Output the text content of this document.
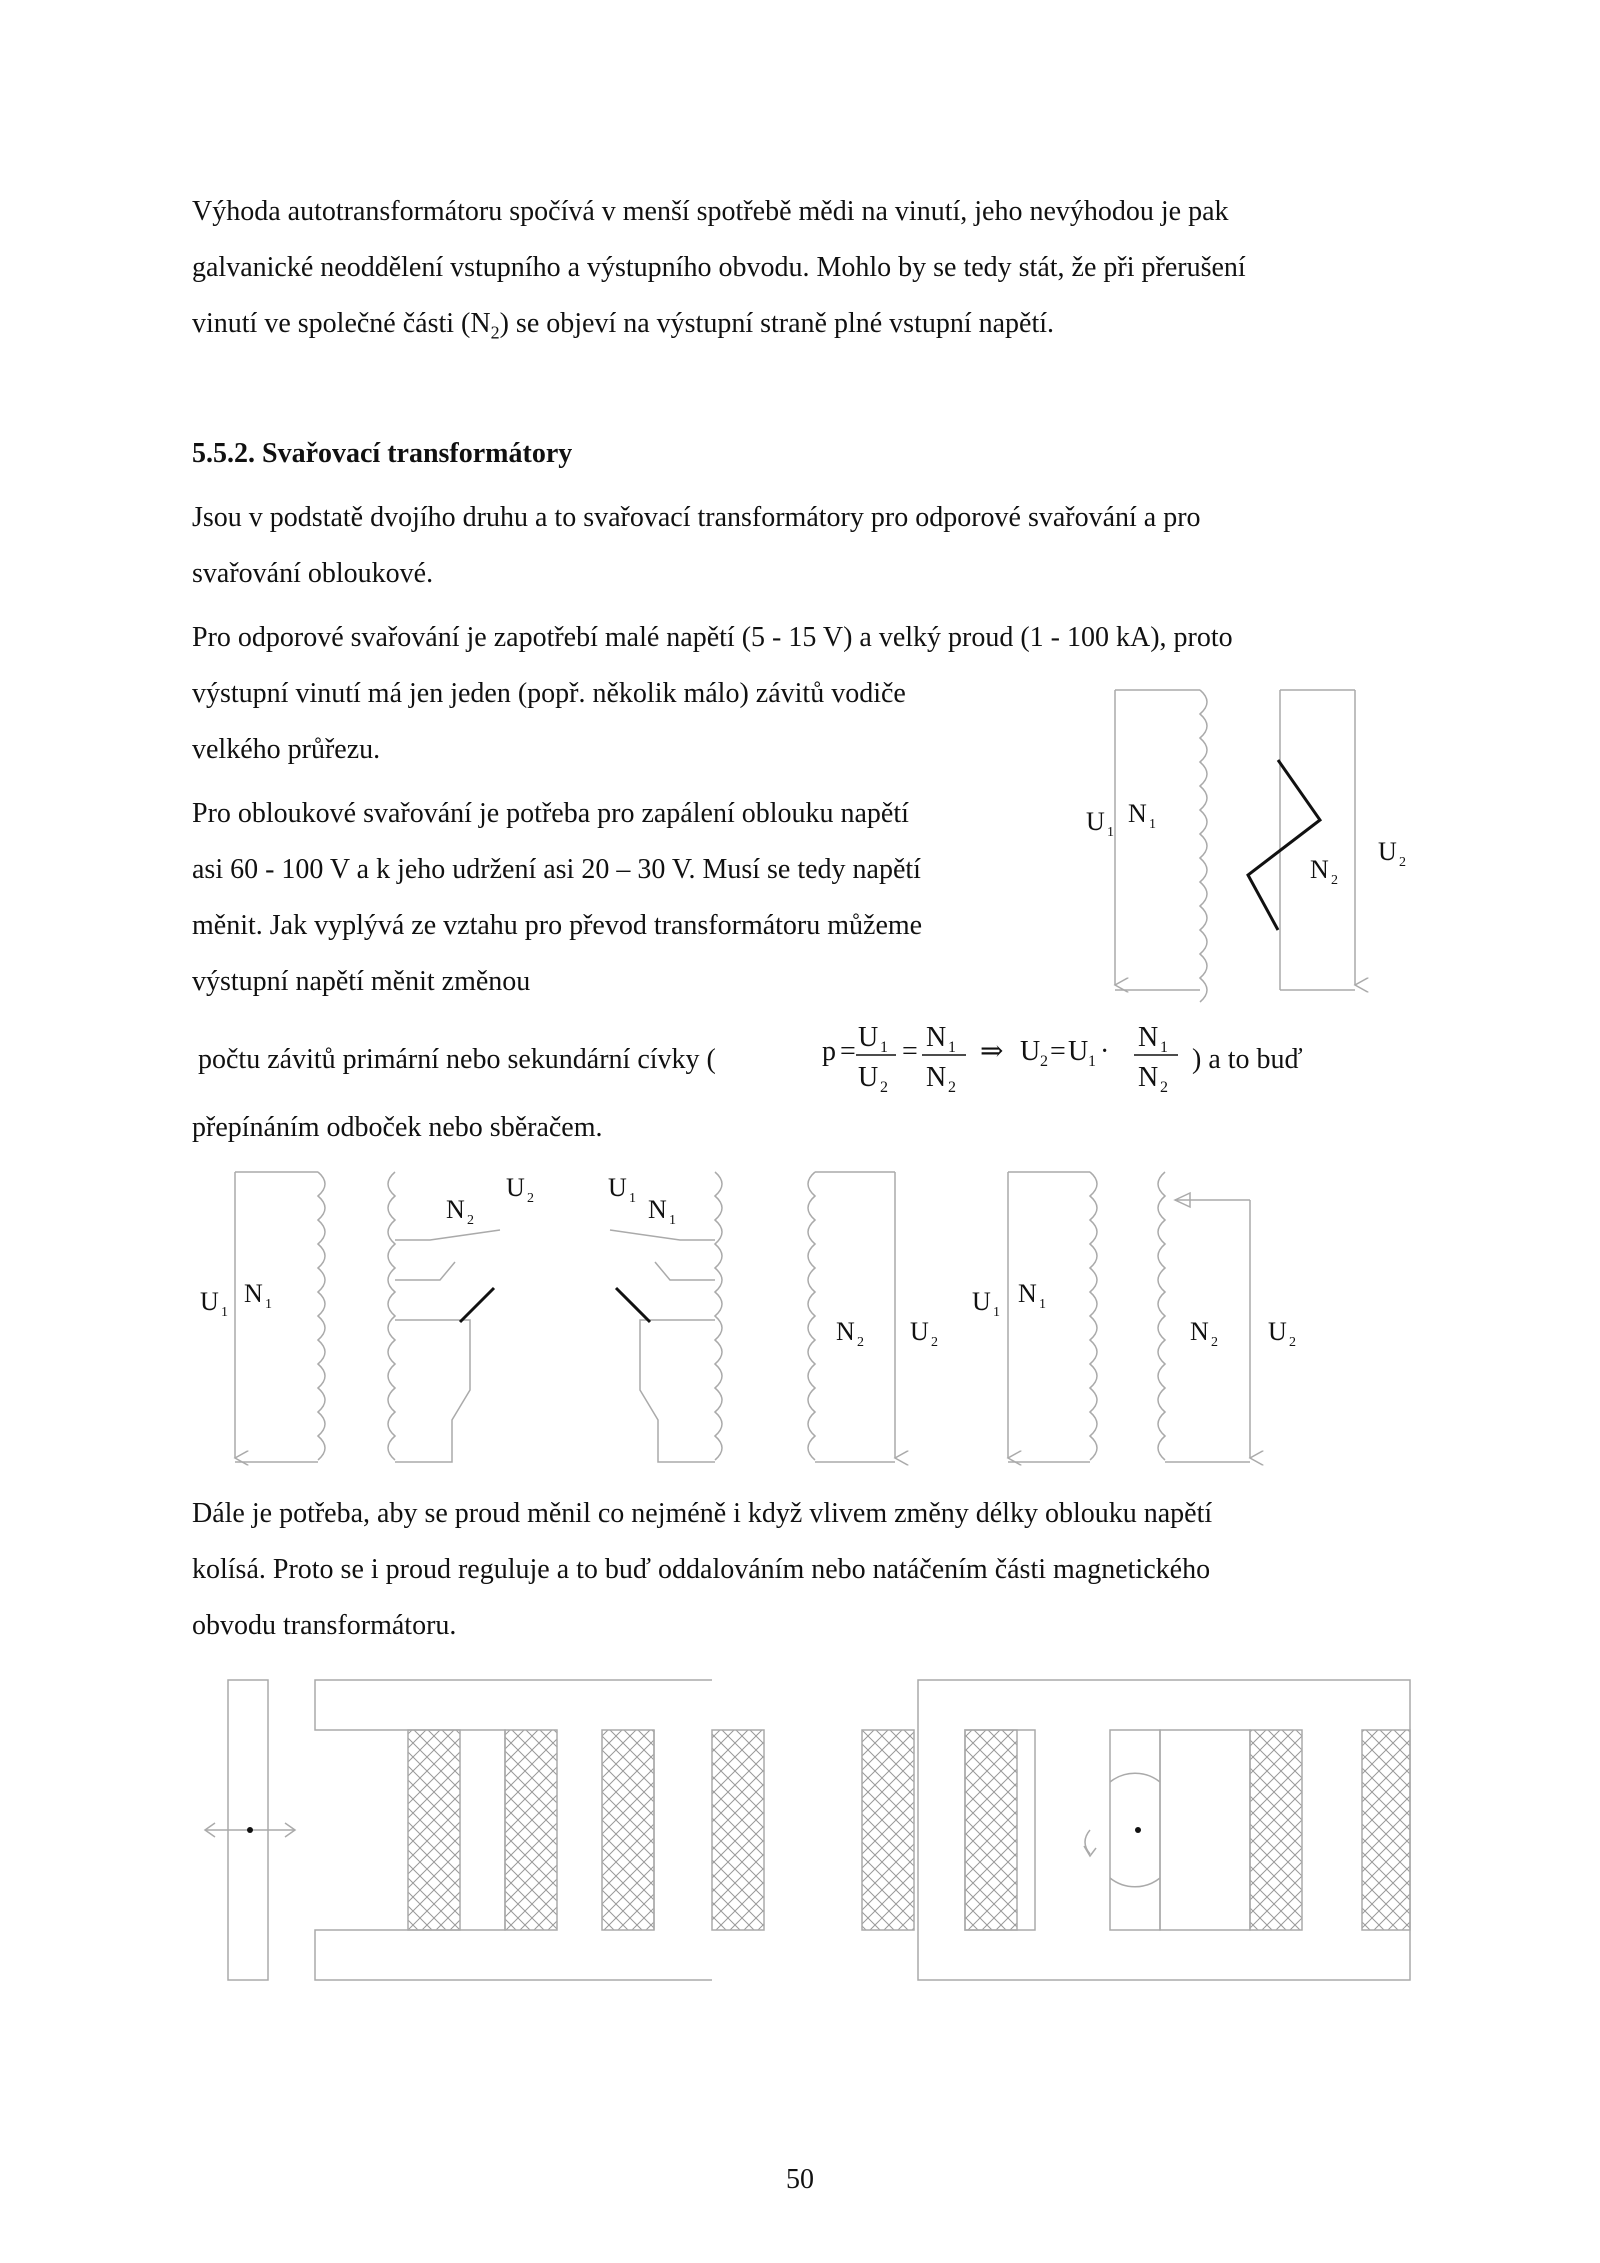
Výhoda autotransformátoru spočívá v menší spotřebě mědi na vinutí, jeho nevýhodou je pak
galvanické neoddělení vstupního a výstupního obvodu. Mohlo by se tedy stát, že při přerušení
vinutí ve společné části $(N_2)$ se objeví na výstupní straně plné vstupní napětí.
5.5.2. Svařovací transformátory
Jsou v podstatě dvojího druhu a to svařovací transformátory pro odporové svařování a pro
svařování obloukové.
Pro odporové svařování je zapotřebí malé napětí (5 - 15 V) a velký proud (1 - 100 kA), proto
výstupní vinutí má jen jeden (popř. několik málo) závitů vodiče
velkého průřezu.
Pro obloukové svařování je potřeba pro zapálení oblouku napětí
asi 60 - 100 V a k jeho udržení asi 20 – 30 V. Musí se tedy napětí
měnit. Jak vyplývá ze vztahu pro převod transformátoru můžeme
výstupní napětí měnit změnou
počtu závitů primární nebo sekundární cívky (	) a to buď
přepínáním odboček nebo sběračem.
Dále je potřeba, aby se proud měnil co nejméně i když vlivem změny délky oblouku napětí
kolísá. Proto se i proud reguluje a to buď oddalováním nebo natáčením části magnetického
obvodu transformátoru.
50
p = U 1
U 2
= N 1
N 2
⇒ U 2 = U 1 · N 1
N 2
U 1
N 1
N 2
U 2
U 1
N 1
N 2
U 2	U 1 N 1
N 2 U 2
U 1
N 1
N 2 U 2
